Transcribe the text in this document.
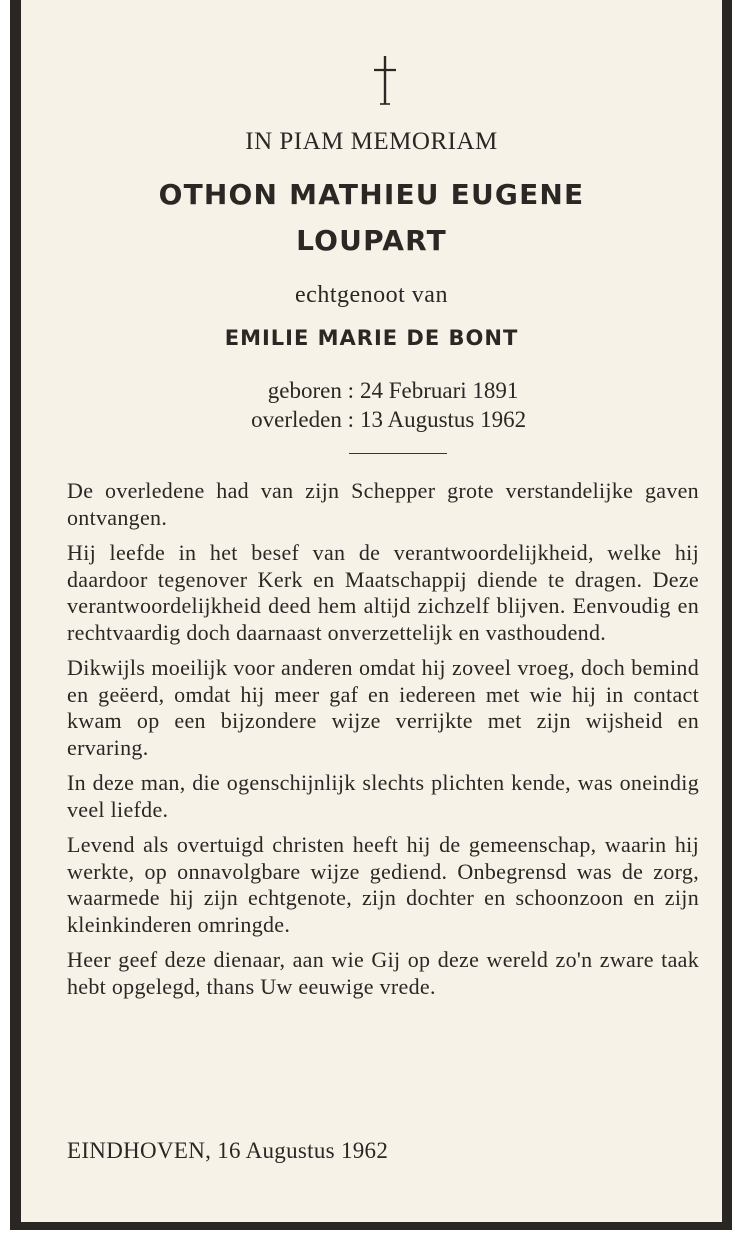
IN PIAM MEMORIAM

OTHON MATHIEU EUGENE

LOUPART

echtgenoot van

EMILIE MARIE DE BONT

geboren : 24 Februari 1891
overleden : 13 Augustus 1962

De overledene had van zijn Schepper grote verstandelijke gaven ontvangen.

Hij leefde in het besef van de verantwoordelijkheid, welke hij daardoor tegenover Kerk en Maatschappij diende te dragen. Deze verantwoordelijkheid deed hem altijd zichzelf blijven. Eenvoudig en rechtvaardig doch daarnaast onverzettelijk en vasthoudend.

Dikwijls moeilijk voor anderen omdat hij zoveel vroeg, doch bemind en geëerd, omdat hij meer gaf en iedereen met wie hij in contact kwam op een bijzondere wijze verrijkte met zijn wijsheid en ervaring.

In deze man, die ogenschijnlijk slechts plichten kende, was oneindig veel liefde.

Levend als overtuigd christen heeft hij de gemeenschap, waarin hij werkte, op onnavolgbare wijze gediend. Onbegrensd was de zorg, waarmede hij zijn echtgenote, zijn dochter en schoonzoon en zijn kleinkinderen omringde.

Heer geef deze dienaar, aan wie Gij op deze wereld zo'n zware taak hebt opgelegd, thans Uw eeuwige vrede.

EINDHOVEN, 16 Augustus 1962
